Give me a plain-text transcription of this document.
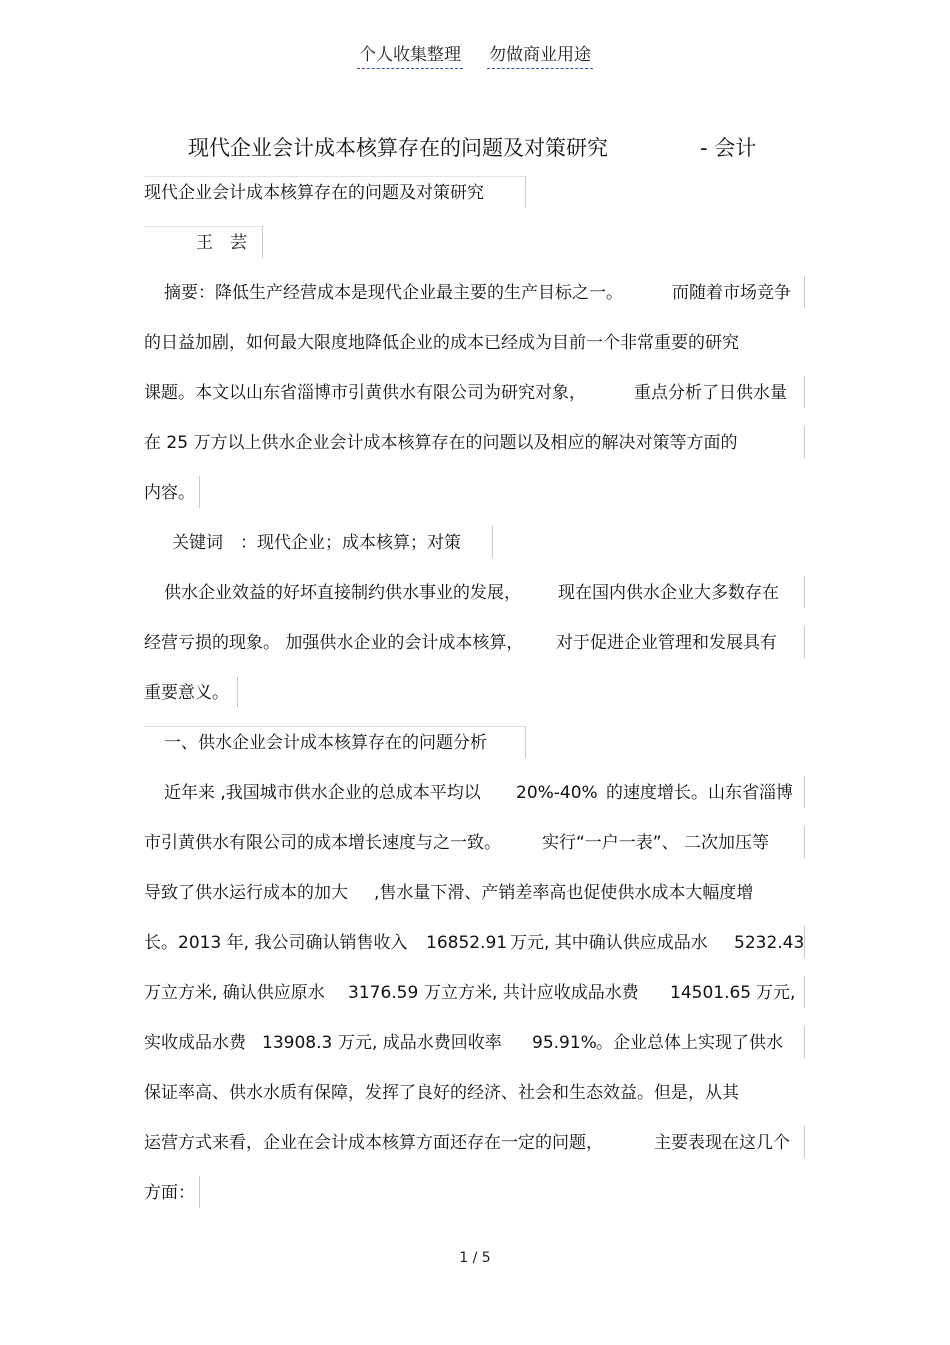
个人收集整理 勿做商业用途
现代企业会计成本核算存在的问题及对策研究	- 会计
现代企业会计成本核算存在的问题及对策研究
王　芸
摘要：降低生产经营成本是现代企业最主要的生产目标之一。	而随着市场竞争
的日益加剧，如何最大限度地降低企业的成本已经成为目前一个非常重要的研究
课题。本文以山东省淄博市引黄供水有限公司为研究对象，	重点分析了日供水量
在 25 万方以上供水企业会计成本核算存在的问题以及相应的解决对策等方面的
内容。
关键词　：现代企业；成本核算；对策
供水企业效益的好坏直接制约供水事业的发展， 现在国内供水企业大多数存在
经营亏损的现象。 加强供水企业的会计成本核算， 对于促进企业管理和发展具有
重要意义。
一、供水企业会计成本核算存在的问题分析
近年来 ,我国城市供水企业的总成本平均以 20%-40% 的速度增长。山东省淄博
市引黄供水有限公司的成本增长速度与之一致。 实行“一户一表”、 二次加压等
导致了供水运行成本的加大 ,售水量下滑、产销差率高也促使供水成本大幅度增
长。2013 年, 我公司确认销售收入 16852.91 万元, 其中确认供应成品水 5232.43
万立方米, 确认供应原水 3176.59 万立方米, 共计应收成品水费 14501.65 万元,
实收成品水费 13908.3 万元, 成品水费回收率 95.91% 。企业总体上实现了供水
保证率高、供水水质有保障，发挥了良好的经济、社会和生态效益。但是，从其
运营方式来看，企业在会计成本核算方面还存在一定的问题，	主要表现在这几个
方面：
1 / 5
